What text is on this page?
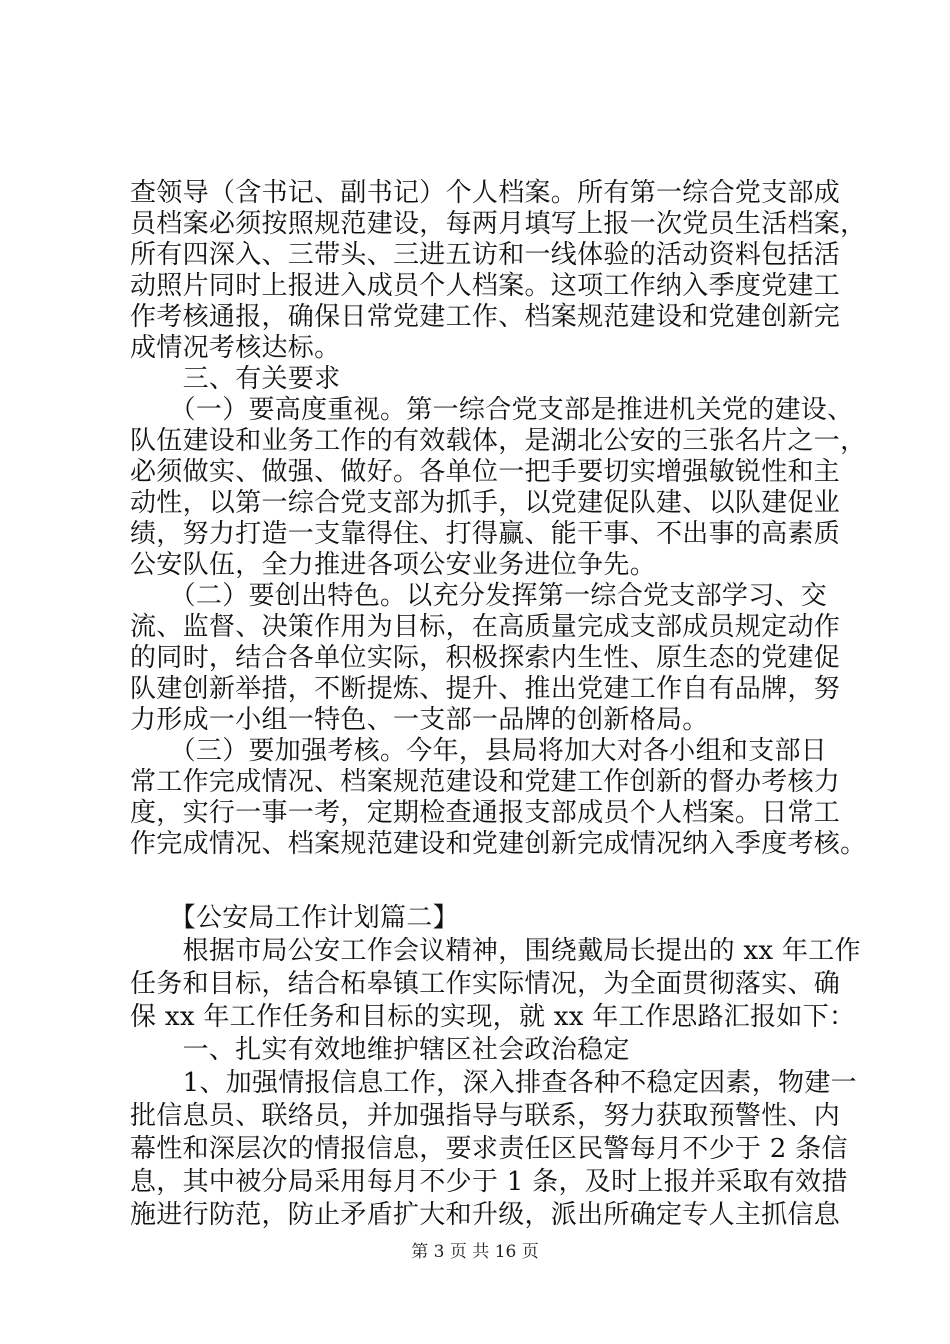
查领导（含书记、副书记）个人档案。所有第一综合党支部成
员档案必须按照规范建设，每两月填写上报一次党员生活档案，
所有四深入、三带头、三进五访和一线体验的活动资料包括活
动照片同时上报进入成员个人档案。这项工作纳入季度党建工
作考核通报，确保日常党建工作、档案规范建设和党建创新完
成情况考核达标。
　　三、有关要求
　　（一）要高度重视。第一综合党支部是推进机关党的建设、
队伍建设和业务工作的有效载体，是湖北公安的三张名片之一，
必须做实、做强、做好。各单位一把手要切实增强敏锐性和主
动性，以第一综合党支部为抓手，以党建促队建、以队建促业
绩，努力打造一支靠得住、打得赢、能干事、不出事的高素质
公安队伍，全力推进各项公安业务进位争先。
　　（二）要创出特色。以充分发挥第一综合党支部学习、交
流、监督、决策作用为目标，在高质量完成支部成员规定动作
的同时，结合各单位实际，积极探索内生性、原生态的党建促
队建创新举措，不断提炼、提升、推出党建工作自有品牌，努
力形成一小组一特色、一支部一品牌的创新格局。
　　（三）要加强考核。今年，县局将加大对各小组和支部日
常工作完成情况、档案规范建设和党建工作创新的督办考核力
度，实行一事一考，定期检查通报支部成员个人档案。日常工
作完成情况、档案规范建设和党建创新完成情况纳入季度考核。
　　【公安局工作计划篇二】
　　根据市局公安工作会议精神，围绕戴局长提出的 xx 年工作
任务和目标，结合柘皋镇工作实际情况，为全面贯彻落实、确
保 xx 年工作任务和目标的实现，就 xx 年工作思路汇报如下：
　　一、扎实有效地维护辖区社会政治稳定
　　1、加强情报信息工作，深入排查各种不稳定因素，物建一
批信息员、联络员，并加强指导与联系，努力获取预警性、内
幕性和深层次的情报信息，要求责任区民警每月不少于 2 条信
息，其中被分局采用每月不少于 1 条，及时上报并采取有效措
施进行防范，防止矛盾扩大和升级，派出所确定专人主抓信息
第 3 页 共 16 页
